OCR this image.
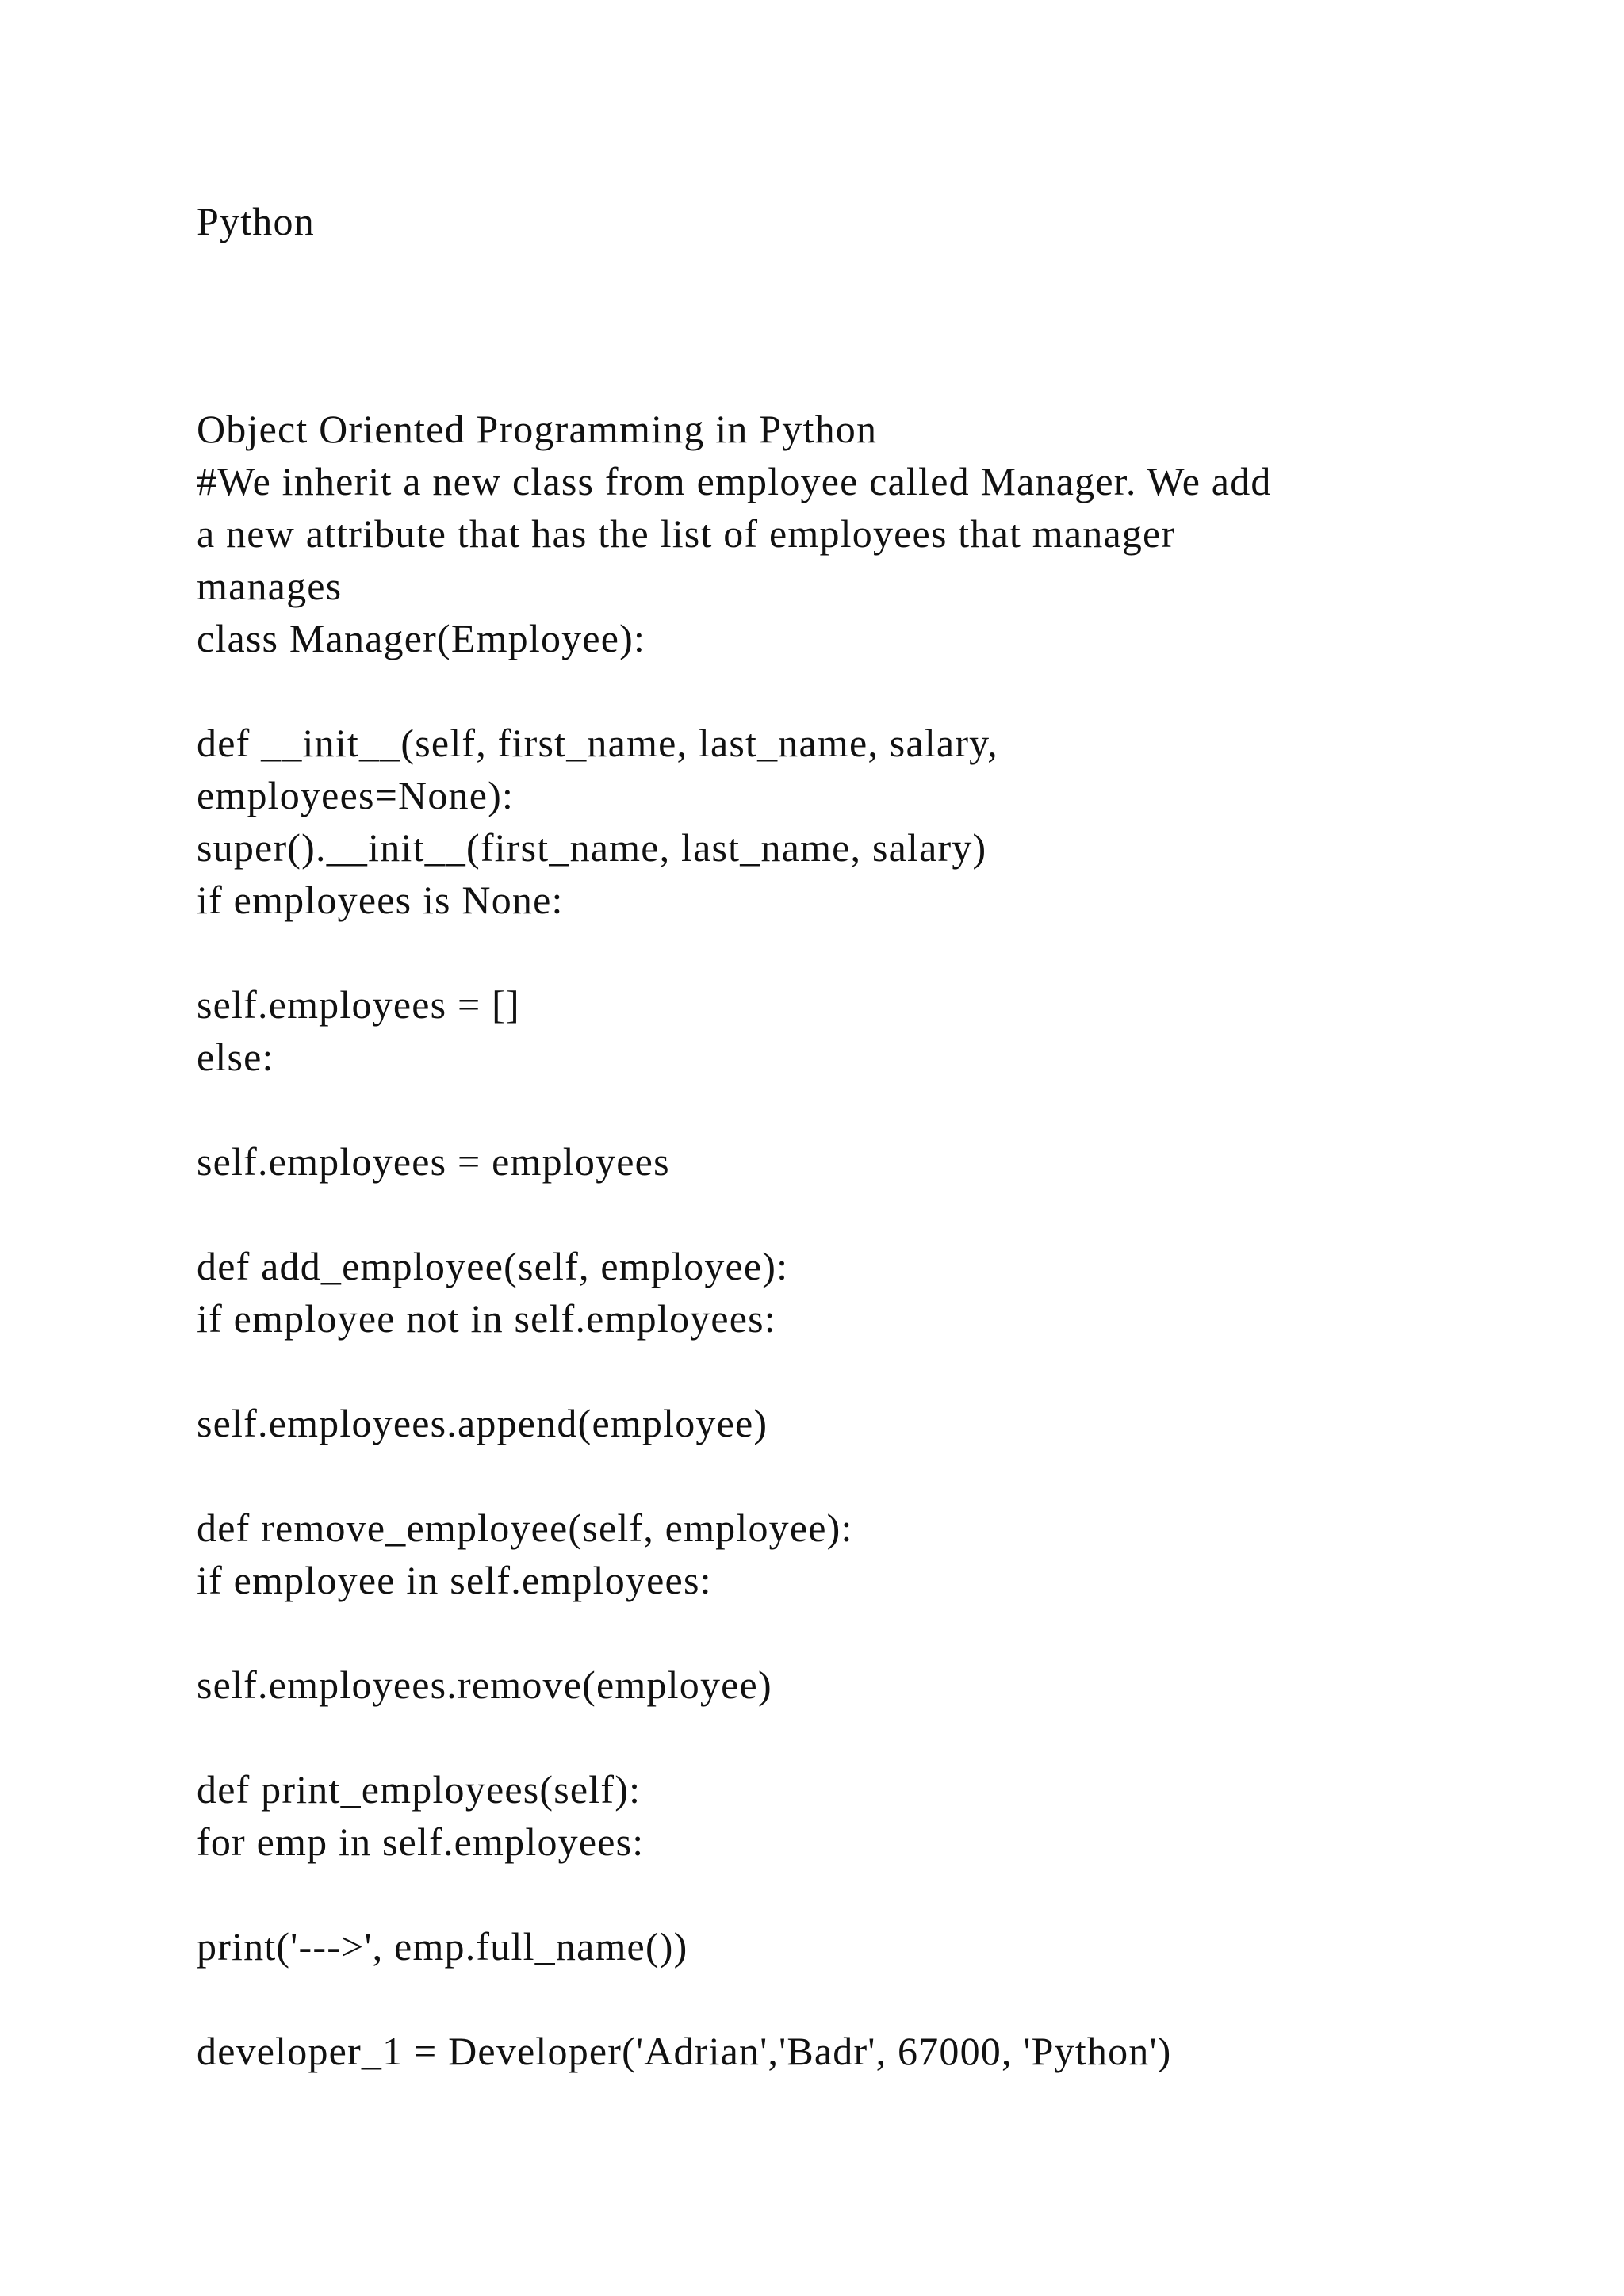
Python

Object Oriented Programming in Python

#We inherit a new class from employee called Manager. We add

a new attribute that has the list of employees that manager

manages

class Manager(Employee):

def __init__(self, first_name, last_name, salary,

employees=None):

super().__init__(first_name, last_name, salary)

if employees is None:

self.employees = []

else:

self.employees = employees

def add_employee(self, employee):

if employee not in self.employees:

self.employees.append(employee)

def remove_employee(self, employee):

if employee in self.employees:

self.employees.remove(employee)

def print_employees(self):

for emp in self.employees:

print('--->', emp.full_name())

developer_1 = Developer('Adrian','Badr', 67000, 'Python')
